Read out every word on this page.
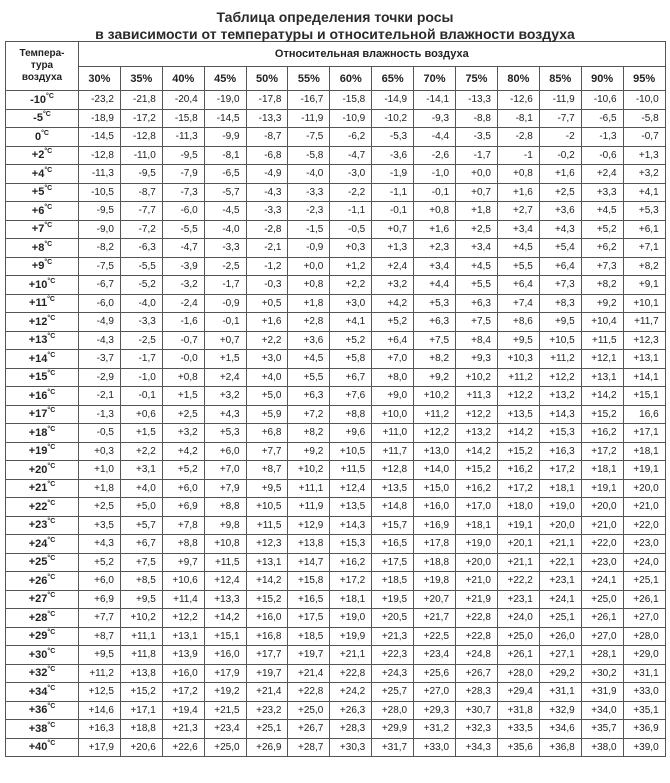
Таблица определения точки росы
в зависимости от температуры и относительной влажности воздуха
Темпера-
тура
воздуха	Относительная влажность воздуха													
	30%	35%	40%	45%	50%	55%	60%	65%	70%	75%	80%	85%	90%	95%
$-10^{^\circ C}$	-23,2	-21,8	-20,4	-19,0	-17,8	-16,7	-15,8	-14,9	-14,1	-13,3	-12,6	-11,9	-10,6	-10,0
$-5^{^\circ C}$	-18,9	-17,2	-15,8	-14,5	-13,3	-11,9	-10,9	-10,2	-9,3	-8,8	-8,1	-7,7	-6,5	-5,8
$0^{^\circ C}$	-14,5	-12,8	-11,3	-9,9	-8,7	-7,5	-6,2	-5,3	-4,4	-3,5	-2,8	-2	-1,3	-0,7
$+2^{^\circ C}$	-12,8	-11,0	-9,5	-8,1	-6,8	-5,8	-4,7	-3,6	-2,6	-1,7	-1	-0,2	-0,6	+1,3
$+4^{^\circ C}$	-11,3	-9,5	-7,9	-6,5	-4,9	-4,0	-3,0	-1,9	-1,0	+0,0	+0,8	+1,6	+2,4	+3,2
$+5^{^\circ C}$	-10,5	-8,7	-7,3	-5,7	-4,3	-3,3	-2,2	-1,1	-0,1	+0,7	+1,6	+2,5	+3,3	+4,1
$+6^{^\circ C}$	-9,5	-7,7	-6,0	-4,5	-3,3	-2,3	-1,1	-0,1	+0,8	+1,8	+2,7	+3,6	+4,5	+5,3
$+7^{^\circ C}$	-9,0	-7,2	-5,5	-4,0	-2,8	-1,5	-0,5	+0,7	+1,6	+2,5	+3,4	+4,3	+5,2	+6,1
$+8^{^\circ C}$	-8,2	-6,3	-4,7	-3,3	-2,1	-0,9	+0,3	+1,3	+2,3	+3,4	+4,5	+5,4	+6,2	+7,1
$+9^{^\circ C}$	-7,5	-5,5	-3,9	-2,5	-1,2	+0,0	+1,2	+2,4	+3,4	+4,5	+5,5	+6,4	+7,3	+8,2
$+10^{^\circ C}$	-6,7	-5,2	-3,2	-1,7	-0,3	+0,8	+2,2	+3,2	+4,4	+5,5	+6,4	+7,3	+8,2	+9,1
$+11^{^\circ C}$	-6,0	-4,0	-2,4	-0,9	+0,5	+1,8	+3,0	+4,2	+5,3	+6,3	+7,4	+8,3	+9,2	+10,1
$+12^{^\circ C}$	-4,9	-3,3	-1,6	-0,1	+1,6	+2,8	+4,1	+5,2	+6,3	+7,5	+8,6	+9,5	+10,4	+11,7
$+13^{^\circ C}$	-4,3	-2,5	-0,7	+0,7	+2,2	+3,6	+5,2	+6,4	+7,5	+8,4	+9,5	+10,5	+11,5	+12,3
$+14^{^\circ C}$	-3,7	-1,7	-0,0	+1,5	+3,0	+4,5	+5,8	+7,0	+8,2	+9,3	+10,3	+11,2	+12,1	+13,1
$+15^{^\circ C}$	-2,9	-1,0	+0,8	+2,4	+4,0	+5,5	+6,7	+8,0	+9,2	+10,2	+11,2	+12,2	+13,1	+14,1
$+16^{^\circ C}$	-2,1	-0,1	+1,5	+3,2	+5,0	+6,3	+7,6	+9,0	+10,2	+11,3	+12,2	+13,2	+14,2	+15,1
$+17^{^\circ C}$	-1,3	+0,6	+2,5	+4,3	+5,9	+7,2	+8,8	+10,0	+11,2	+12,2	+13,5	+14,3	+15,2	16,6
$+18^{^\circ C}$	-0,5	+1,5	+3,2	+5,3	+6,8	+8,2	+9,6	+11,0	+12,2	+13,2	+14,2	+15,3	+16,2	+17,1
$+19^{^\circ C}$	+0,3	+2,2	+4,2	+6,0	+7,7	+9,2	+10,5	+11,7	+13,0	+14,2	+15,2	+16,3	+17,2	+18,1
$+20^{^\circ C}$	+1,0	+3,1	+5,2	+7,0	+8,7	+10,2	+11,5	+12,8	+14,0	+15,2	+16,2	+17,2	+18,1	+19,1
$+21^{^\circ C}$	+1,8	+4,0	+6,0	+7,9	+9,5	+11,1	+12,4	+13,5	+15,0	+16,2	+17,2	+18,1	+19,1	+20,0
$+22^{^\circ C}$	+2,5	+5,0	+6,9	+8,8	+10,5	+11,9	+13,5	+14,8	+16,0	+17,0	+18,0	+19,0	+20,0	+21,0
$+23^{^\circ C}$	+3,5	+5,7	+7,8	+9,8	+11,5	+12,9	+14,3	+15,7	+16,9	+18,1	+19,1	+20,0	+21,0	+22,0
$+24^{^\circ C}$	+4,3	+6,7	+8,8	+10,8	+12,3	+13,8	+15,3	+16,5	+17,8	+19,0	+20,1	+21,1	+22,0	+23,0
$+25^{^\circ C}$	+5,2	+7,5	+9,7	+11,5	+13,1	+14,7	+16,2	+17,5	+18,8	+20,0	+21,1	+22,1	+23,0	+24,0
$+26^{^\circ C}$	+6,0	+8,5	+10,6	+12,4	+14,2	+15,8	+17,2	+18,5	+19,8	+21,0	+22,2	+23,1	+24,1	+25,1
$+27^{^\circ C}$	+6,9	+9,5	+11,4	+13,3	+15,2	+16,5	+18,1	+19,5	+20,7	+21,9	+23,1	+24,1	+25,0	+26,1
$+28^{^\circ C}$	+7,7	+10,2	+12,2	+14,2	+16,0	+17,5	+19,0	+20,5	+21,7	+22,8	+24,0	+25,1	+26,1	+27,0
$+29^{^\circ C}$	+8,7	+11,1	+13,1	+15,1	+16,8	+18,5	+19,9	+21,3	+22,5	+22,8	+25,0	+26,0	+27,0	+28,0
$+30^{^\circ C}$	+9,5	+11,8	+13,9	+16,0	+17,7	+19,7	+21,1	+22,3	+23,4	+24,8	+26,1	+27,1	+28,1	+29,0
$+32^{^\circ C}$	+11,2	+13,8	+16,0	+17,9	+19,7	+21,4	+22,8	+24,3	+25,6	+26,7	+28,0	+29,2	+30,2	+31,1
$+34^{^\circ C}$	+12,5	+15,2	+17,2	+19,2	+21,4	+22,8	+24,2	+25,7	+27,0	+28,3	+29,4	+31,1	+31,9	+33,0
$+36^{^\circ C}$	+14,6	+17,1	+19,4	+21,5	+23,2	+25,0	+26,3	+28,0	+29,3	+30,7	+31,8	+32,9	+34,0	+35,1
$+38^{^\circ C}$	+16,3	+18,8	+21,3	+23,4	+25,1	+26,7	+28,3	+29,9	+31,2	+32,3	+33,5	+34,6	+35,7	+36,9
$+40^{^\circ C}$	+17,9	+20,6	+22,6	+25,0	+26,9	+28,7	+30,3	+31,7	+33,0	+34,3	+35,6	+36,8	+38,0	+39,0
